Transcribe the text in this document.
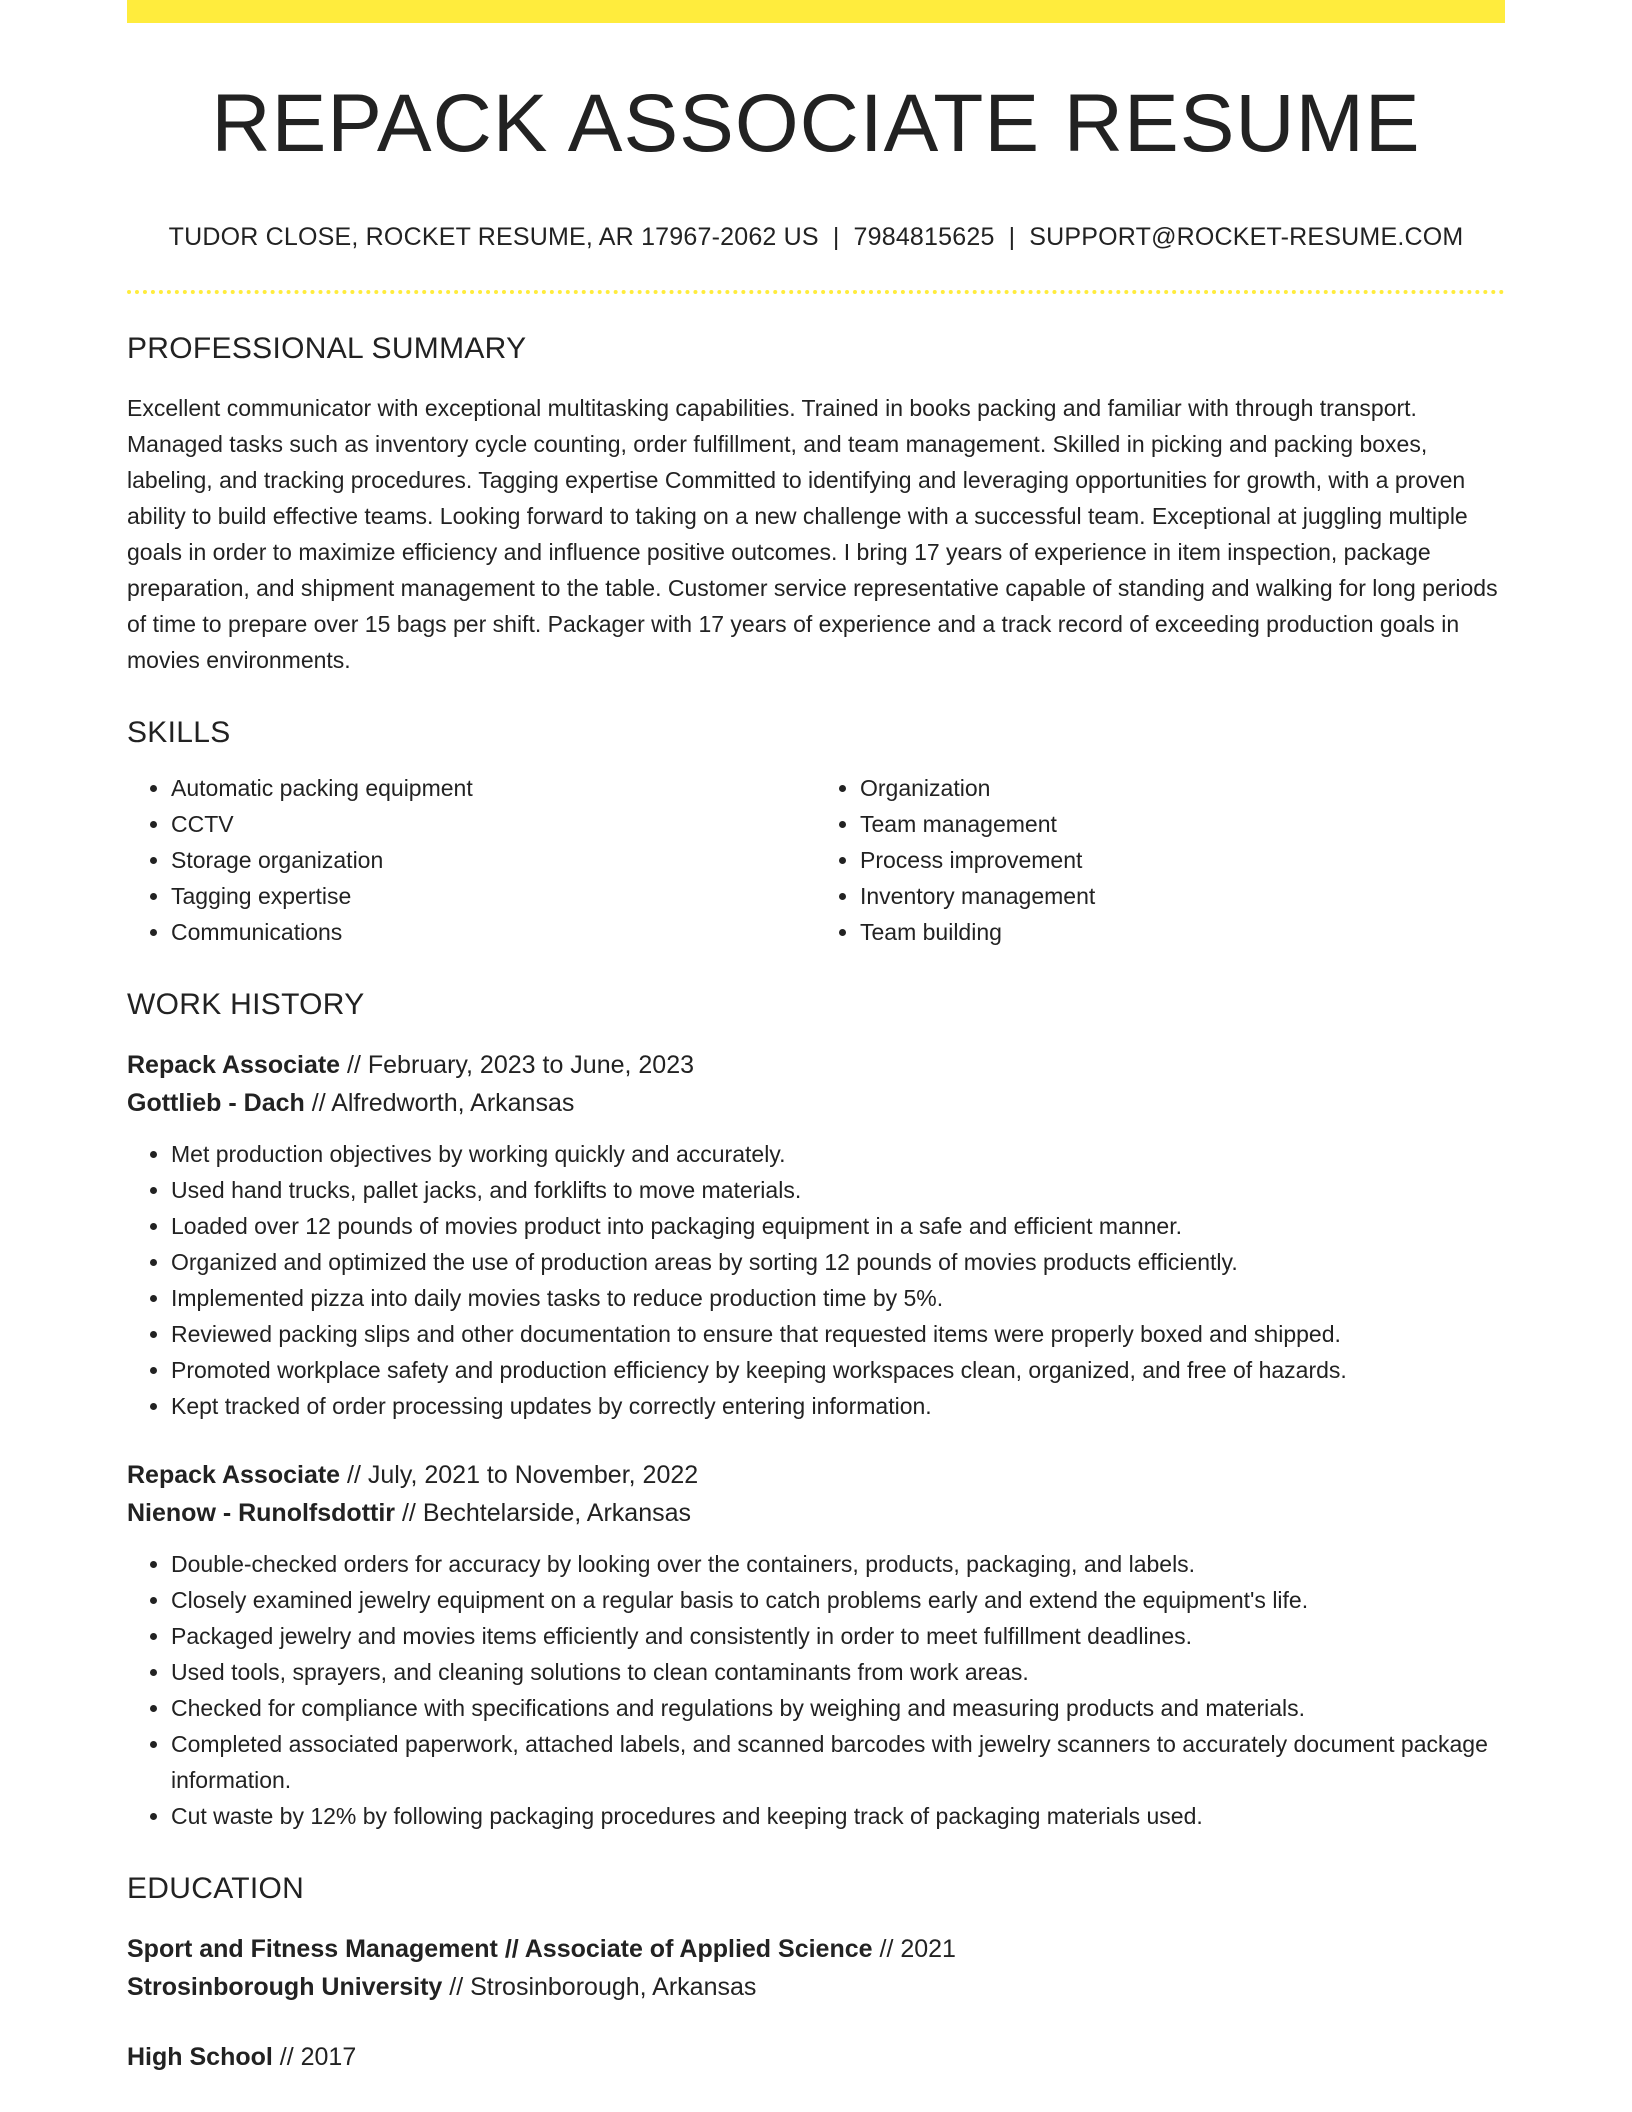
REPACK ASSOCIATE RESUME
TUDOR CLOSE, ROCKET RESUME, AR 17967-2062 US | 7984815625 | SUPPORT@ROCKET-RESUME.COM
PROFESSIONAL SUMMARY

Excellent communicator with exceptional multitasking capabilities. Trained in books packing and familiar with through transport. Managed tasks such as inventory cycle counting, order fulfillment, and team management. Skilled in picking and packing boxes, labeling, and tracking procedures. Tagging expertise Committed to identifying and leveraging opportunities for growth, with a proven ability to build effective teams. Looking forward to taking on a new challenge with a successful team. Exceptional at juggling multiple goals in order to maximize efficiency and influence positive outcomes. I bring 17 years of experience in item inspection, package preparation, and shipment management to the table. Customer service representative capable of standing and walking for long periods of time to prepare over 15 bags per shift. Packager with 17 years of experience and a track record of exceeding production goals in movies environments.

SKILLS
• Automatic packing equipment
• CCTV
• Storage organization
• Tagging expertise
• Communications
• Organization
• Team management
• Process improvement
• Inventory management
• Team building
WORK HISTORY
Repack Associate // February, 2023 to June, 2023
Gottlieb - Dach // Alfredworth, Arkansas
• Met production objectives by working quickly and accurately.
• Used hand trucks, pallet jacks, and forklifts to move materials.
• Loaded over 12 pounds of movies product into packaging equipment in a safe and efficient manner.
• Organized and optimized the use of production areas by sorting 12 pounds of movies products efficiently.
• Implemented pizza into daily movies tasks to reduce production time by 5%.
• Reviewed packing slips and other documentation to ensure that requested items were properly boxed and shipped.
• Promoted workplace safety and production efficiency by keeping workspaces clean, organized, and free of hazards.
• Kept tracked of order processing updates by correctly entering information.
Repack Associate // July, 2021 to November, 2022
Nienow - Runolfsdottir // Bechtelarside, Arkansas
• Double-checked orders for accuracy by looking over the containers, products, packaging, and labels.
• Closely examined jewelry equipment on a regular basis to catch problems early and extend the equipment's life.
• Packaged jewelry and movies items efficiently and consistently in order to meet fulfillment deadlines.
• Used tools, sprayers, and cleaning solutions to clean contaminants from work areas.
• Checked for compliance with specifications and regulations by weighing and measuring products and materials.
• Completed associated paperwork, attached labels, and scanned barcodes with jewelry scanners to accurately document package information.
• Cut waste by 12% by following packaging procedures and keeping track of packaging materials used.
EDUCATION
Sport and Fitness Management // Associate of Applied Science // 2021
Strosinborough University // Strosinborough, Arkansas
High School // 2017
